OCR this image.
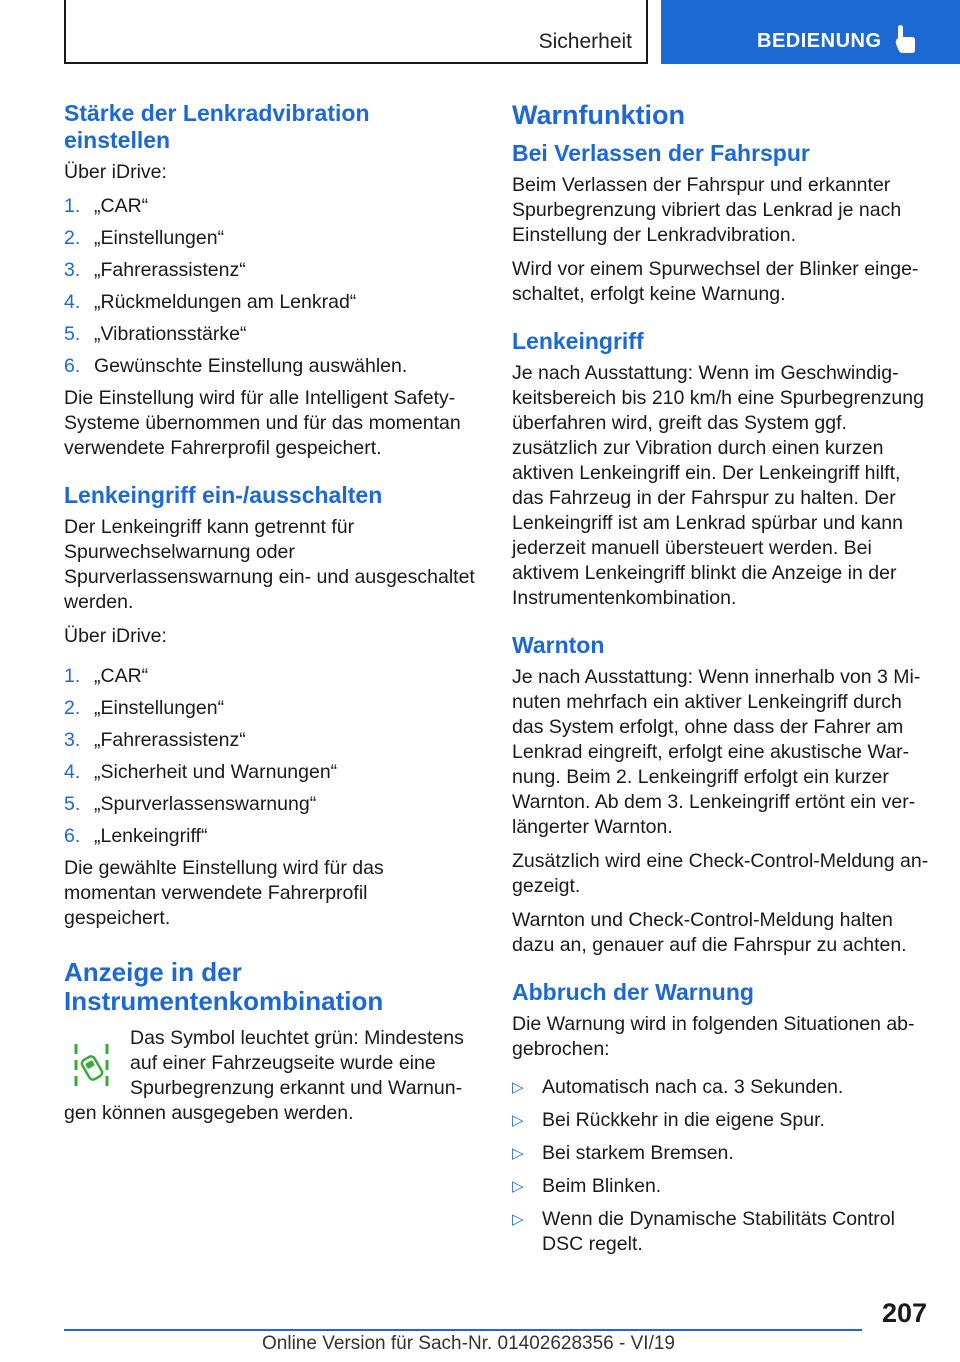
Sicherheit	BEDIENUNG
Stärke der Lenkradvibration einstellen

Über iDrive:

1. „CAR“
2. „Einstellungen“
3. „Fahrerassistenz“
4. „Rückmeldungen am Lenkrad“
5. „Vibrationsstärke“
6. Gewünschte Einstellung auswählen.

Die Einstellung wird für alle Intelligent Safety-Systeme übernommen und für das momentan verwendete Fahrerprofil gespeichert.

Lenkeingriff ein-/ausschalten

Der Lenkeingriff kann getrennt für Spurwechselwarnung oder Spurverlassenswarnung ein- und ausgeschaltet werden.

Über iDrive:

1. „CAR“
2. „Einstellungen“
3. „Fahrerassistenz“
4. „Sicherheit und Warnungen“
5. „Spurverlassenswarnung“
6. „Lenkeingriff“

Die gewählte Einstellung wird für das momentan verwendete Fahrerprofil gespeichert.

Anzeige in der Instrumentenkombination

Das Symbol leuchtet grün: Mindestens auf einer Fahrzeugseite wurde eine Spurbegrenzung erkannt und Warnungen können ausgegeben werden.

Warnfunktion
Bei Verlassen der Fahrspur

Beim Verlassen der Fahrspur und erkannter Spurbegrenzung vibriert das Lenkrad je nach Einstellung der Lenkradvibration.

Wird vor einem Spurwechsel der Blinker eingeschaltet, erfolgt keine Warnung.

Lenkeingriff

Je nach Ausstattung: Wenn im Geschwindigkeitsbereich bis 210 km/h eine Spurbegrenzung überfahren wird, greift das System ggf. zusätzlich zur Vibration durch einen kurzen aktiven Lenkeingriff ein. Der Lenkeingriff hilft, das Fahrzeug in der Fahrspur zu halten. Der Lenkeingriff ist am Lenkrad spürbar und kann jederzeit manuell übersteuert werden. Bei aktivem Lenkeingriff blinkt die Anzeige in der Instrumentenkombination.

Warnton

Je nach Ausstattung: Wenn innerhalb von 3 Minuten mehrfach ein aktiver Lenkeingriff durch das System erfolgt, ohne dass der Fahrer am Lenkrad eingreift, erfolgt eine akustische Warnung. Beim 2. Lenkeingriff erfolgt ein kurzer Warnton. Ab dem 3. Lenkeingriff ertönt ein verlängerter Warnton.

Zusätzlich wird eine Check-Control-Meldung angezeigt.

Warnton und Check-Control-Meldung halten dazu an, genauer auf die Fahrspur zu achten.

Abbruch der Warnung

Die Warnung wird in folgenden Situationen abgebrochen:

▷ Automatisch nach ca. 3 Sekunden.
▷ Bei Rückkehr in die eigene Spur.
▷ Bei starkem Bremsen.
▷ Beim Blinken.
▷ Wenn die Dynamische Stabilitäts Control DSC regelt.
207
Online Version für Sach-Nr. 01402628356 - VI/19
